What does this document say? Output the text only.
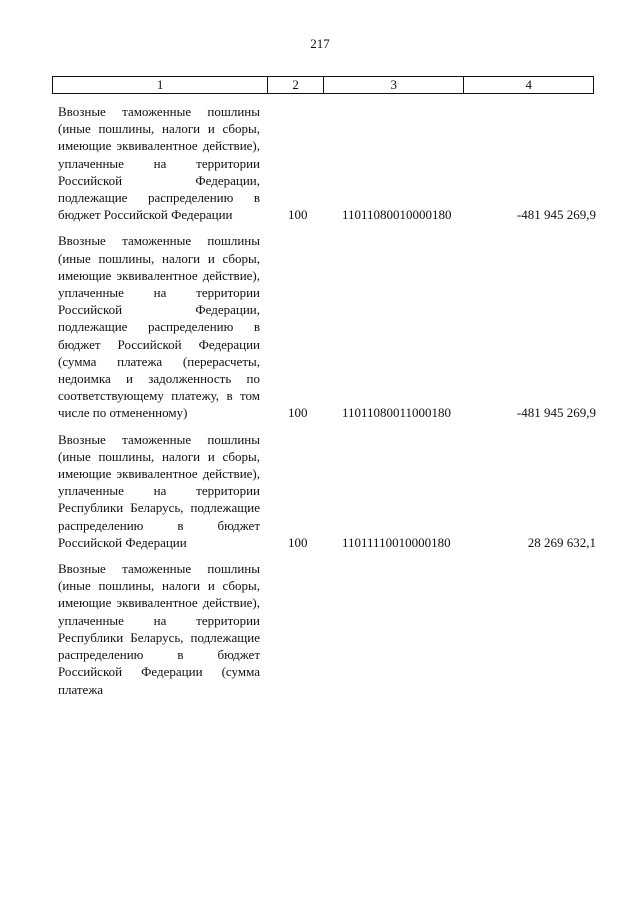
217
1	2	3	4
Ввозные таможенные пошлины (иные пошлины, налоги и сборы, имеющие эквивалентное действие), уплаченные на территории Российской Федерации, подлежащие распределению в бюджет Российской Федерации	100	11011080010000180	-481 945 269,9
Ввозные таможенные пошлины (иные пошлины, налоги и сборы, имеющие эквивалентное действие), уплаченные на территории Российской Федерации, подлежащие распределению в бюджет Российской Федерации (сумма платежа (перерасчеты, недоимка и задолженность по соответствующему платежу, в том числе по отмененному)	100	11011080011000180	-481 945 269,9
Ввозные таможенные пошлины (иные пошлины, налоги и сборы, имеющие эквивалентное действие), уплаченные на территории Республики Беларусь, подлежащие распределению в бюджет Российской Федерации	100	11011110010000180	28 269 632,1
Ввозные таможенные пошлины (иные пошлины, налоги и сборы, имеющие эквивалентное действие), уплаченные на территории Республики Беларусь, подлежащие распределению в бюджет Российской Федерации (сумма платежа
